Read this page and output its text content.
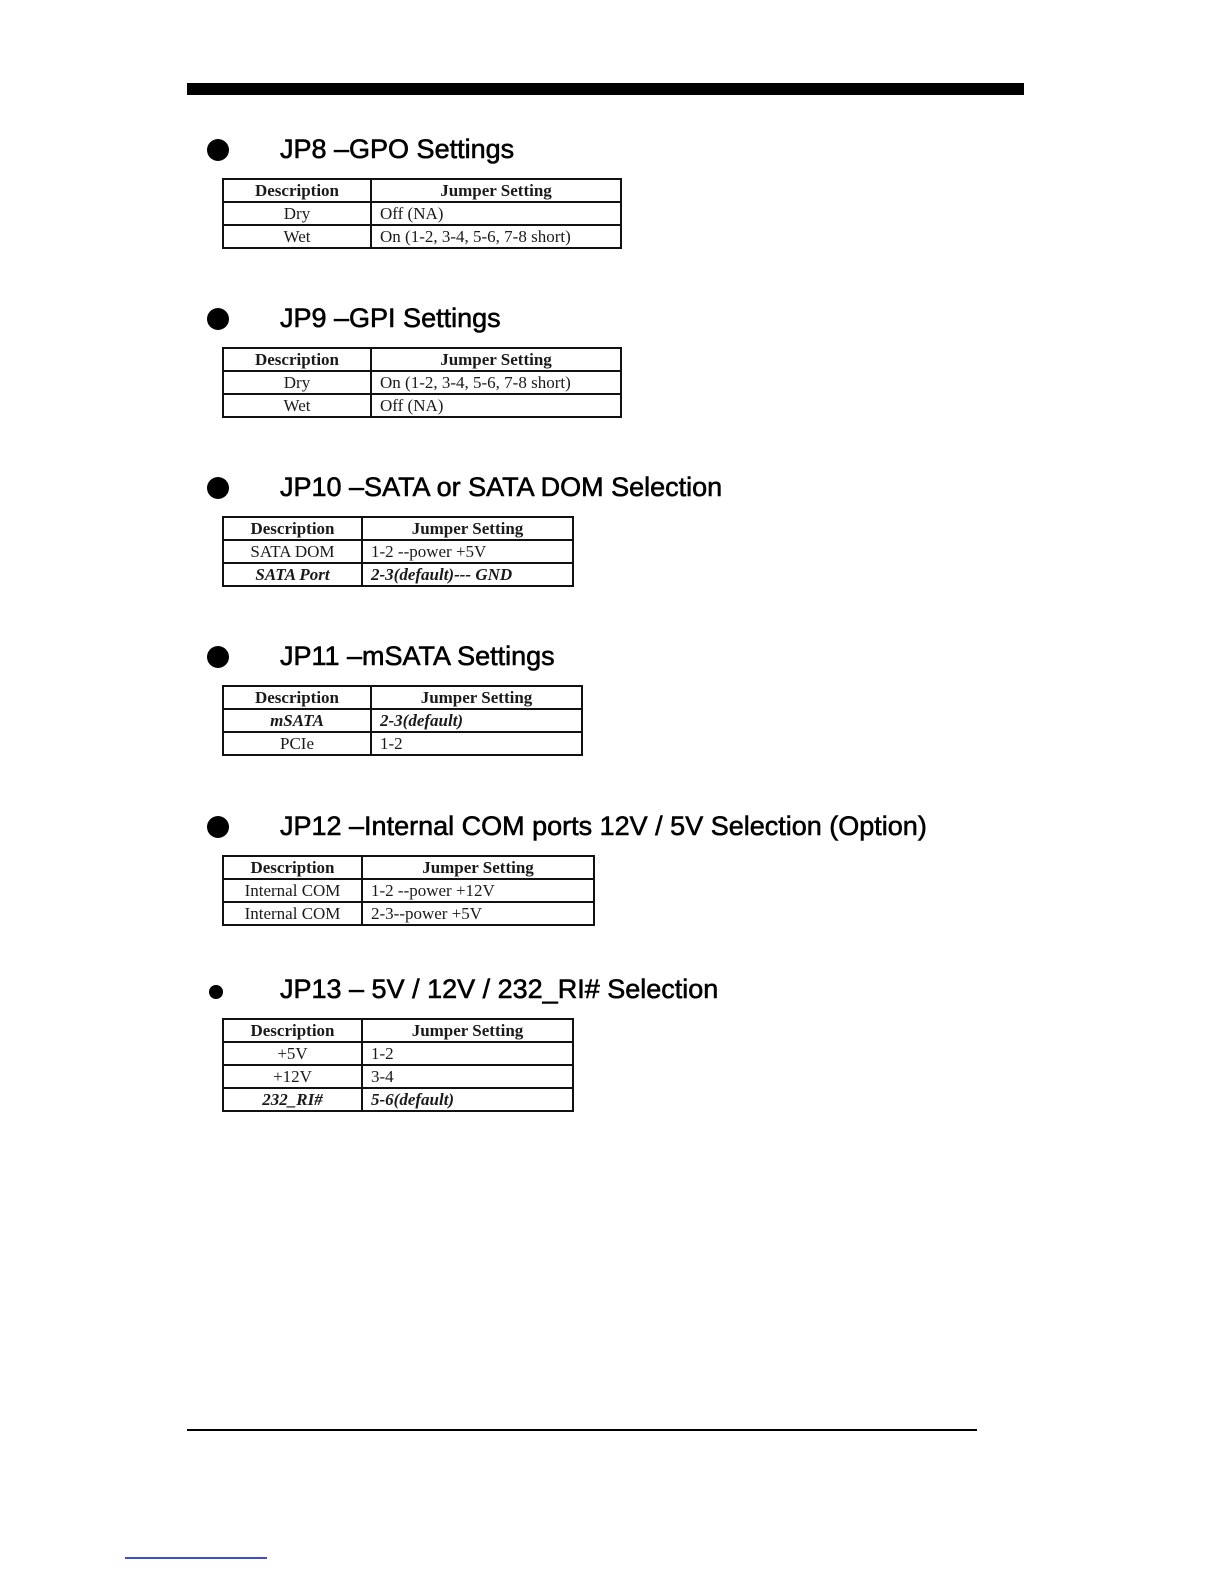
JP8 –GPO Settings
Description	Jumper Setting
Dry	Off (NA)
Wet	On (1-2, 3-4, 5-6, 7-8 short)
JP9 –GPI Settings
Description	Jumper Setting
Dry	On (1-2, 3-4, 5-6, 7-8 short)
Wet	Off (NA)
JP10 –SATA or SATA DOM Selection
Description	Jumper Setting
SATA DOM	1-2 --power +5V
SATA Port	2-3(default)--- GND
JP11 –mSATA Settings
Description	Jumper Setting
mSATA	2-3(default)
PCIe	1-2
JP12 –Internal COM ports 12V / 5V Selection (Option)
Description	Jumper Setting
Internal COM	1-2 --power +12V
Internal COM	2-3--power +5V
JP13 – 5V / 12V / 232_RI# Selection
Description	Jumper Setting
+5V	1-2
+12V	3-4
232_RI#	5-6(default)
